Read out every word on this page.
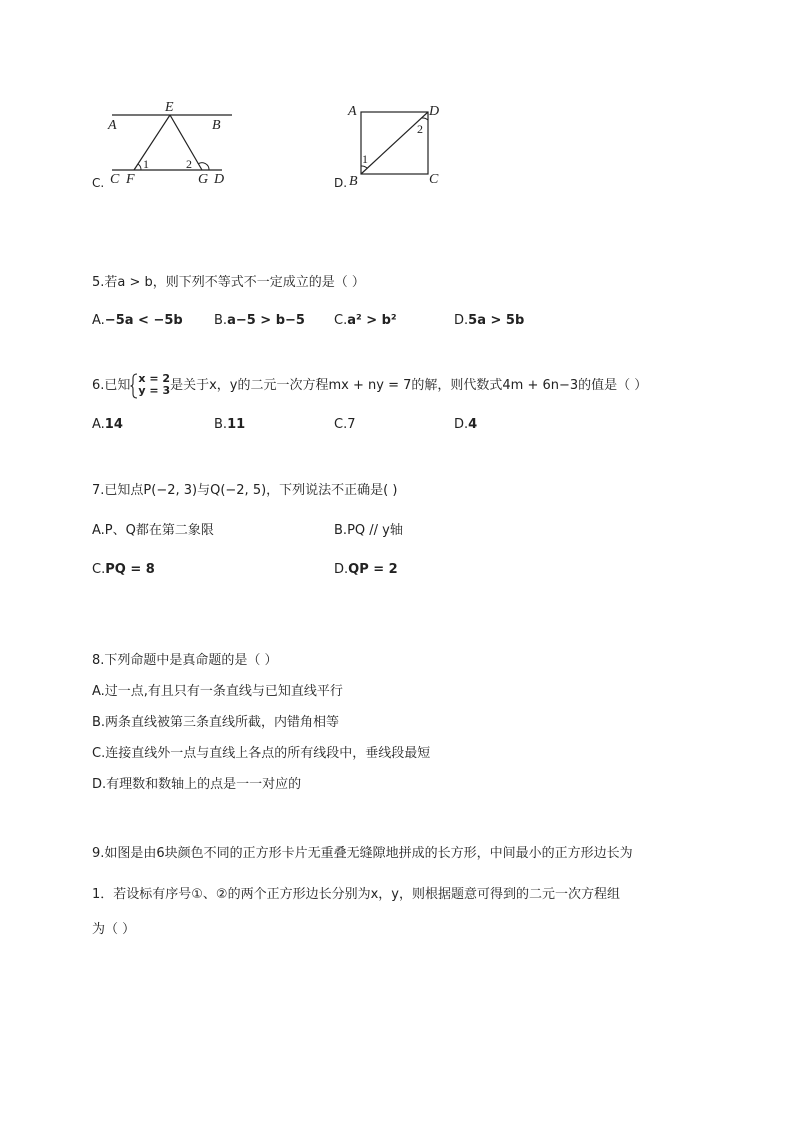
C.
A
E
B
C F	G D
1	2
D.
A	D
B	C
1
2
5.若a > b，则下列不等式不一定成立的是（ ）
A.−5a < −5b B.a−5 > b−5 C.a² > b²	D.5a > 5b
6.已知 x = 2
y = 3 是关于x，y的二元一次方程mx + ny = 7的解，则代数式4m + 6n−3的值是（ ）
A.14	B.11	C.7	D.4
7.已知点P(−2, 3)与Q(−2, 5)，下列说法不正确是( )
A.P、Q都在第二象限	B.PQ // y轴
C.PQ = 8	D.QP = 2
8.下列命题中是真命题的是（ ）
A.过一点,有且只有一条直线与已知直线平行
B.两条直线被第三条直线所截，内错角相等
C.连接直线外一点与直线上各点的所有线段中，垂线段最短
D.有理数和数轴上的点是一一对应的
9.如图是由6块颜色不同的正方形卡片无重叠无缝隙地拼成的长方形，中间最小的正方形边长为
1．若设标有序号①、②的两个正方形边长分别为x，y，则根据题意可得到的二元一次方程组
为（ ）
